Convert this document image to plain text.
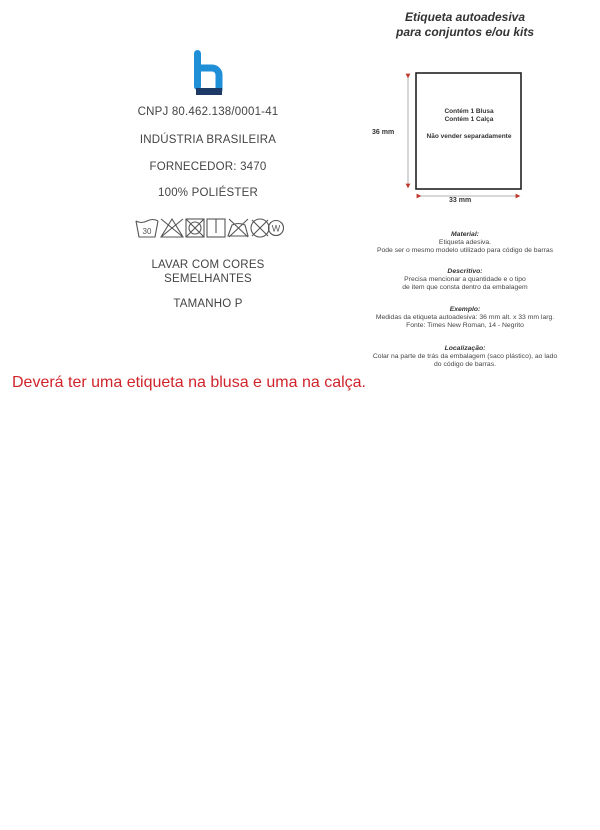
CNPJ 80.462.138/0001-41
INDÚSTRIA BRASILEIRA
FORNECEDOR: 3470
100% POLIÉSTER
30	W
LAVAR COM CORES
SEMELHANTES
TAMANHO P
Etiqueta autoadesiva
para conjuntos e/ou kits
Contém 1 Blusa
Contém 1 Calça
Não vender separadamente
36 mm
33 mm
Material:
Etiqueta adesiva.
Pode ser o mesmo modelo utilizado para código de barras
Descritivo:
Precisa mencionar a quantidade e o tipo
de item que consta dentro da embalagem
Exemplo:
Medidas da etiqueta autoadesiva: 36 mm alt. x 33 mm larg.
Fonte: Times New Roman, 14 - Negrito
Localização:
Colar na parte de trás da embalagem (saco plástico), ao lado
do código de barras.
Deverá ter uma etiqueta na blusa e uma na calça.
